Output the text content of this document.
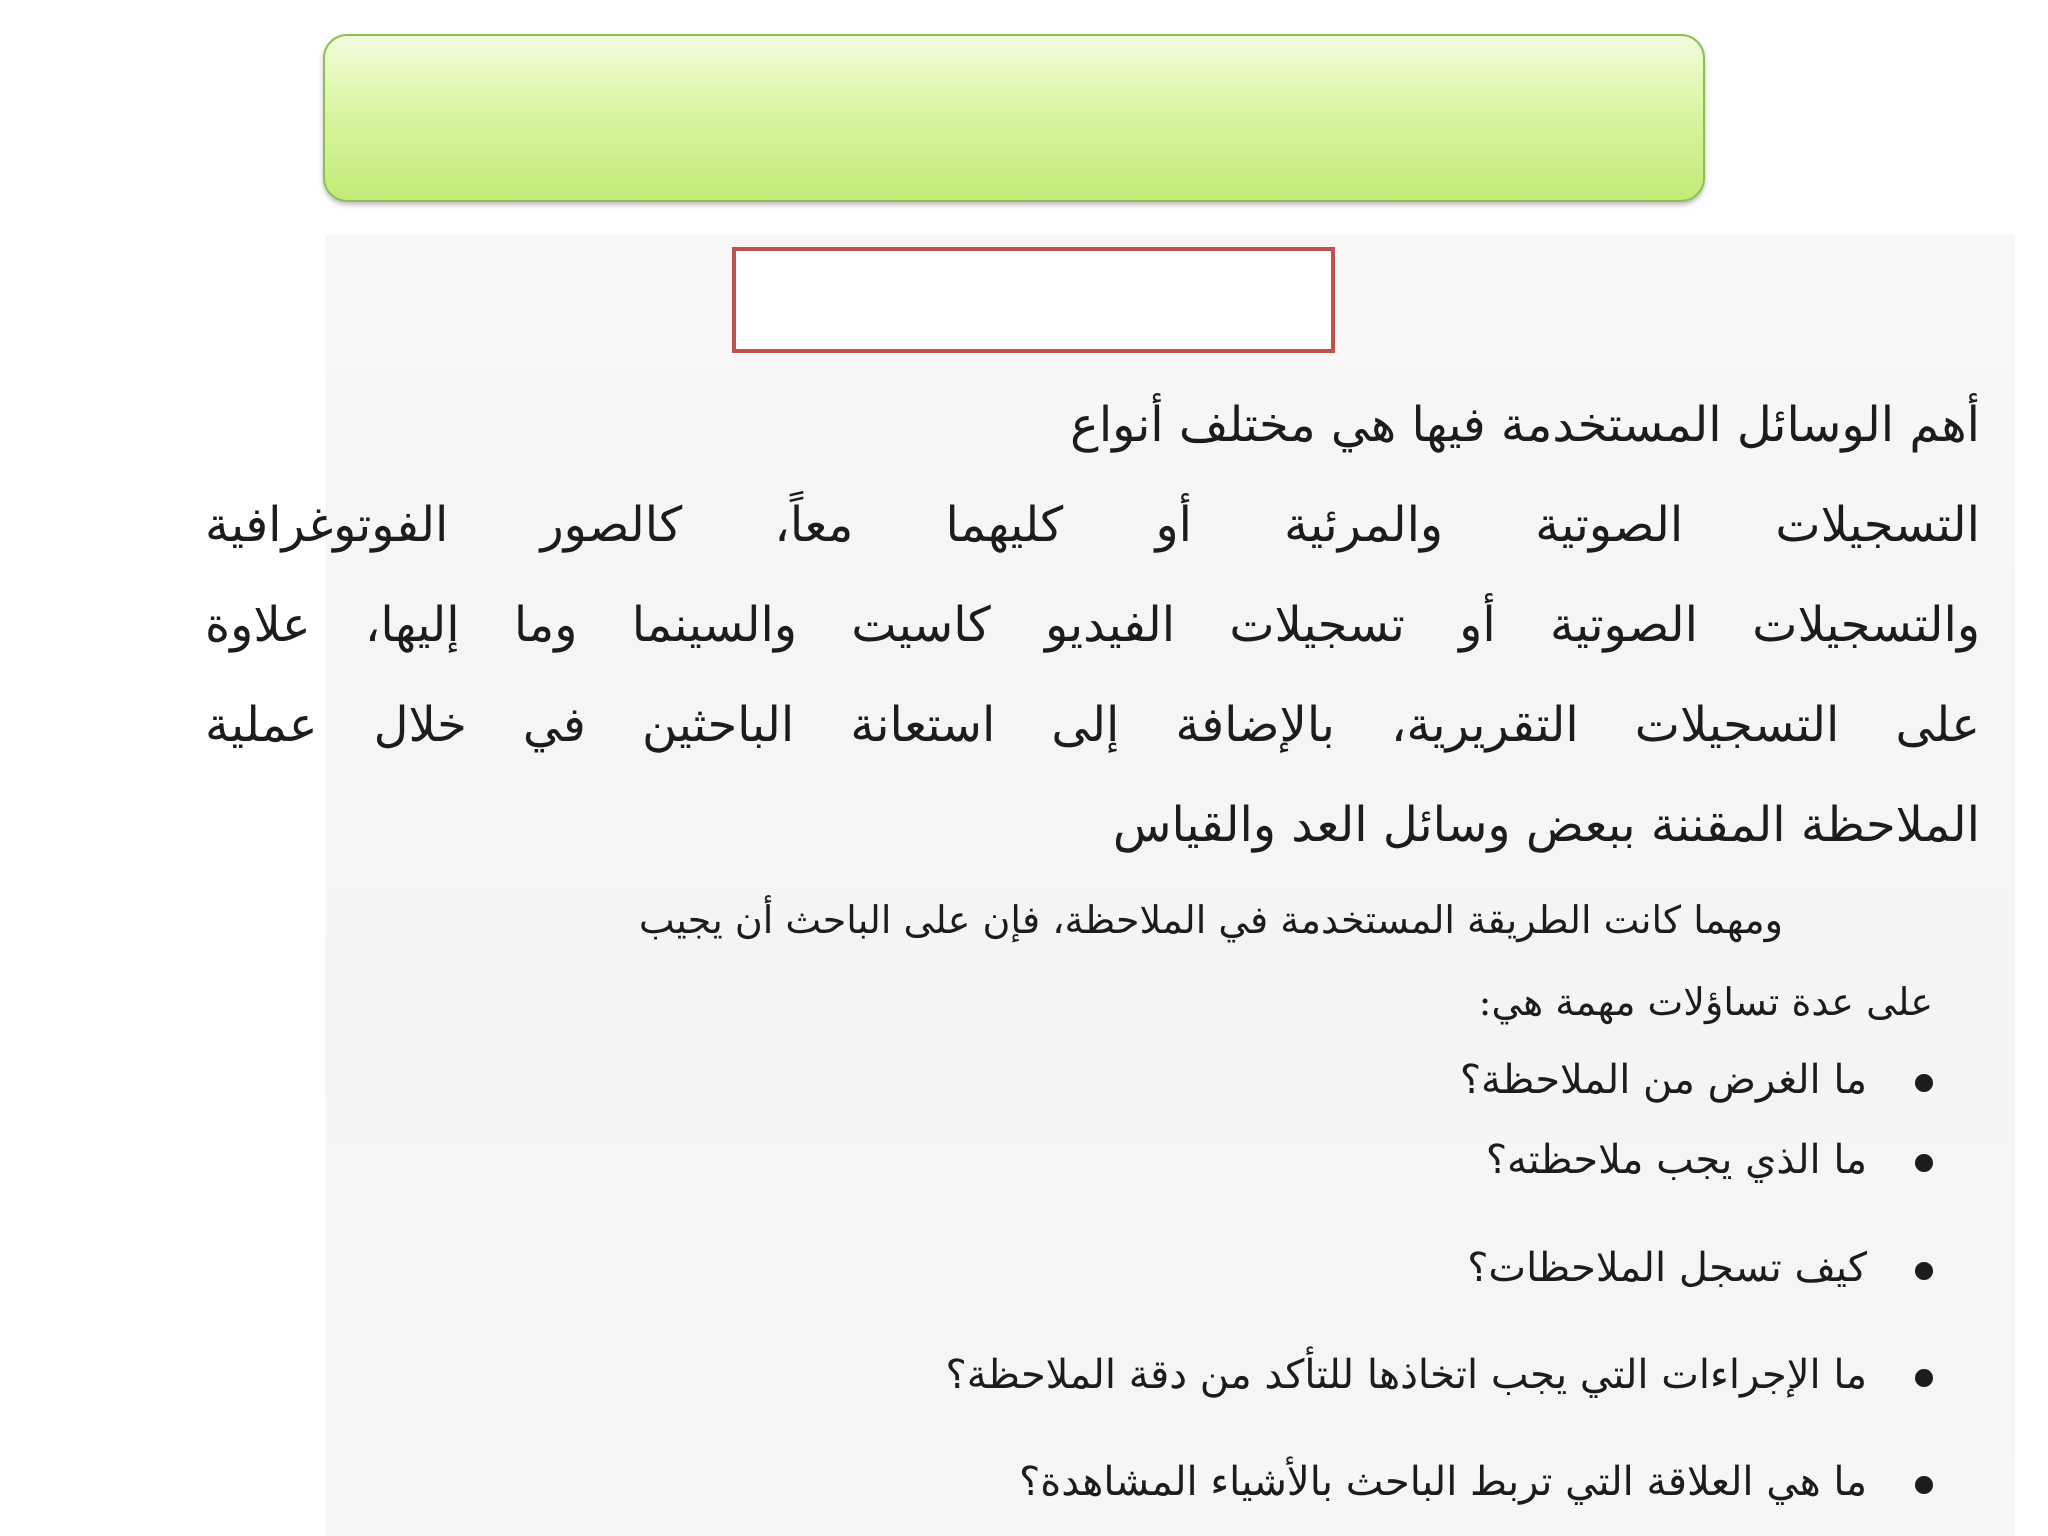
أهم الوسائل المستخدمة فيها هي مختلف أنواع
التسجيلات الصوتية والمرئية أو كليهما معاً، كالصور الفوتوغرافية
والتسجيلات الصوتية أو تسجيلات الفيديو كاسيت والسينما وما إليها، علاوة
على التسجيلات التقريرية، بالإضافة إلى استعانة الباحثين في خلال عملية
الملاحظة المقننة ببعض وسائل العد والقياس
ومهما كانت الطريقة المستخدمة في الملاحظة، فإن على الباحث أن يجيب
على عدة تساؤلات مهمة هي:
ما الغرض من الملاحظة؟
ما الذي يجب ملاحظته؟
كيف تسجل الملاحظات؟
ما الإجراءات التي يجب اتخاذها للتأكد من دقة الملاحظة؟
ما هي العلاقة التي تربط الباحث بالأشياء المشاهدة؟
